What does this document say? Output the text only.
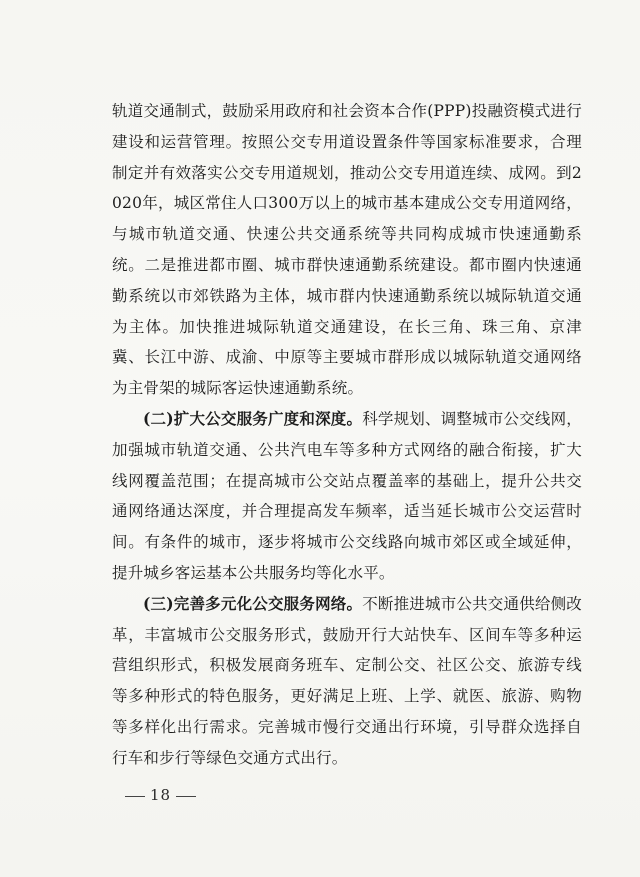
轨道交通制式，鼓励采用政府和社会资本合作(PPP)投融资模式进行建设和运营管理。按照公交专用道设置条件等国家标准要求，合理制定并有效落实公交专用道规划，推动公交专用道连续、成网。到2020年，城区常住人口300万以上的城市基本建成公交专用道网络，与城市轨道交通、快速公共交通系统等共同构成城市快速通勤系统。二是推进都市圈、城市群快速通勤系统建设。都市圈内快速通勤系统以市郊铁路为主体，城市群内快速通勤系统以城际轨道交通为主体。加快推进城际轨道交通建设，在长三角、珠三角、京津冀、长江中游、成渝、中原等主要城市群形成以城际轨道交通网络为主骨架的城际客运快速通勤系统。

(二)扩大公交服务广度和深度。科学规划、调整城市公交线网，加强城市轨道交通、公共汽电车等多种方式网络的融合衔接，扩大线网覆盖范围；在提高城市公交站点覆盖率的基础上，提升公共交通网络通达深度，并合理提高发车频率，适当延长城市公交运营时间。有条件的城市，逐步将城市公交线路向城市郊区或全域延伸，提升城乡客运基本公共服务均等化水平。

(三)完善多元化公交服务网络。不断推进城市公共交通供给侧改革，丰富城市公交服务形式，鼓励开行大站快车、区间车等多种运营组织形式，积极发展商务班车、定制公交、社区公交、旅游专线等多种形式的特色服务，更好满足上班、上学、就医、旅游、购物等多样化出行需求。完善城市慢行交通出行环境，引导群众选择自行车和步行等绿色交通方式出行。

18
